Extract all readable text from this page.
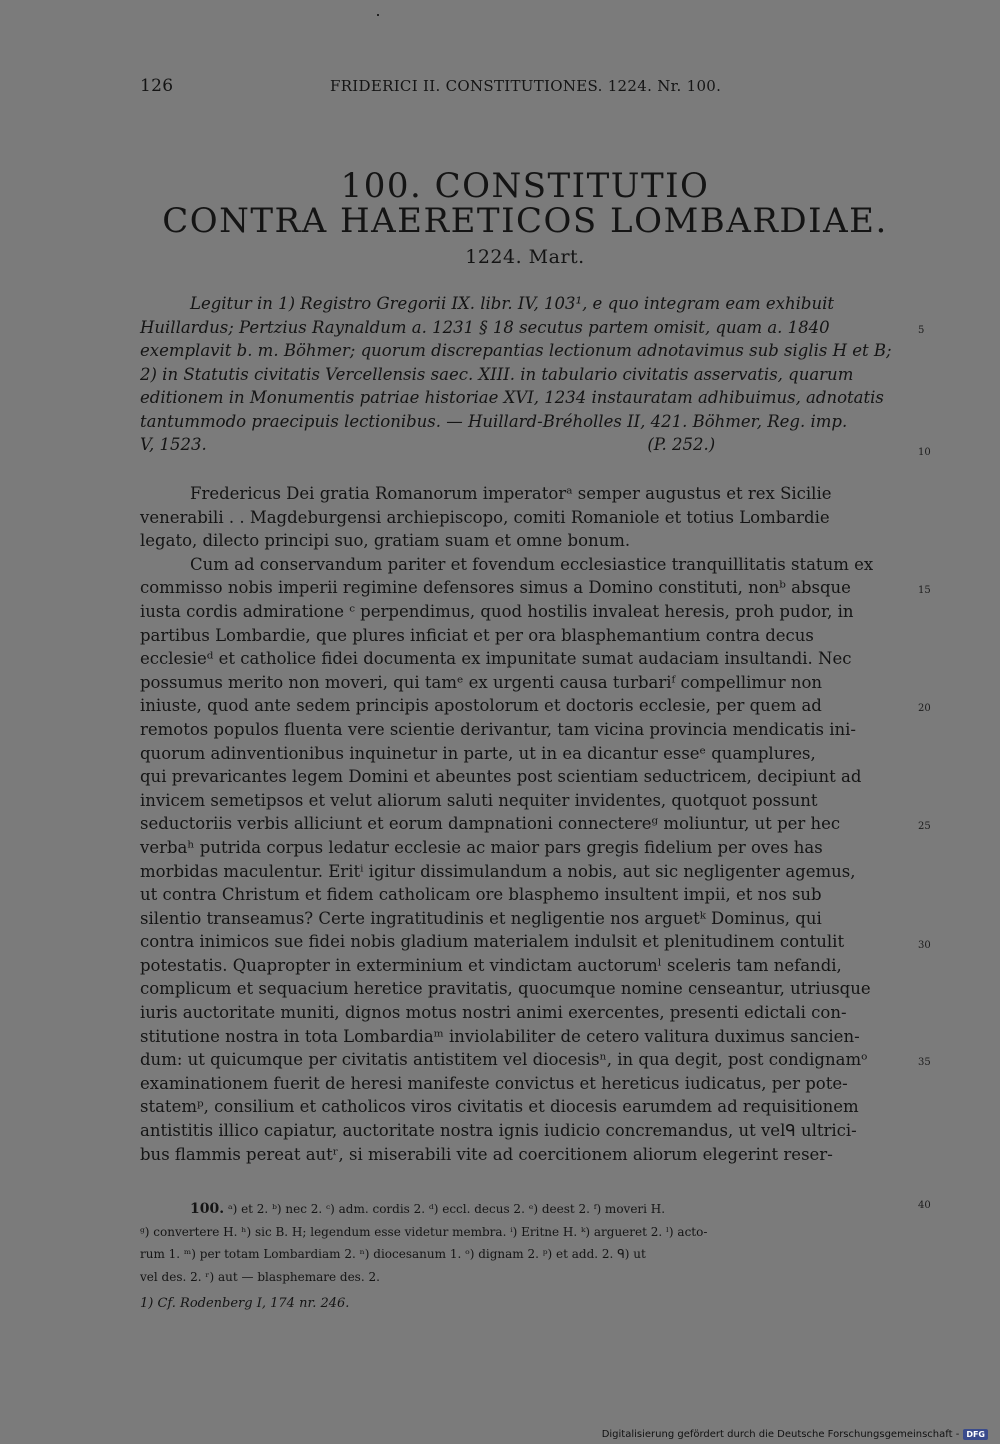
126	FRIDERICI II. CONSTITUTIONES. 1224. Nr. 100.
100. CONSTITUTIO
CONTRA HAERETICOS LOMBARDIAE.
1224. Mart.
Legitur in 1) Registro Gregorii IX. libr. IV, 103¹, e quo integram eam exhibuit
Huillardus; Pertzius Raynaldum a. 1231 § 18 secutus partem omisit, quam a. 1840
exemplavit b. m. Böhmer; quorum discrepantias lectionum adnotavimus sub siglis H et B;
2) in Statutis civitatis Vercellensis saec. XIII. in tabulario civitatis asservatis, quarum
editionem in Monumentis patriae historiae XVI, 1234 instauratam adhibuimus, adnotatis
tantummodo praecipuis lectionibus. — Huillard-Bréholles II, 421. Böhmer, Reg. imp.
V, 1523.                                                                                    (P. 252.)
Fredericus Dei gratia Romanorum imperatorᵃ semper augustus et rex Sicilie
venerabili . . Magdeburgensi archiepiscopo, comiti Romaniole et totius Lombardie
legato, dilecto principi suo, gratiam suam et omne bonum.
Cum ad conservandum pariter et fovendum ecclesiastice tranquillitatis statum ex
commisso nobis imperii regimine defensores simus a Domino constituti, nonᵇ absque
iusta cordis admiratione ᶜ perpendimus, quod hostilis invaleat heresis, proh pudor, in
partibus Lombardie, que plures inficiat et per ora blasphemantium contra decus
ecclesieᵈ et catholice fidei documenta ex impunitate sumat audaciam insultandi. Nec
possumus merito non moveri, qui tamᵉ ex urgenti causa turbariᶠ compellimur non
iniuste, quod ante sedem principis apostolorum et doctoris ecclesie, per quem ad
remotos populos fluenta vere scientie derivantur, tam vicina provincia mendicatis ini-
quorum adinventionibus inquinetur in parte, ut in ea dicantur esseᵉ quamplures,
qui prevaricantes legem Domini et abeuntes post scientiam seductricem, decipiunt ad
invicem semetipsos et velut aliorum saluti nequiter invidentes, quotquot possunt
seductoriis verbis alliciunt et eorum dampnationi connectereᵍ moliuntur, ut per hec
verbaʰ putrida corpus ledatur ecclesie ac maior pars gregis fidelium per oves has
morbidas maculentur. Eritⁱ igitur dissimulandum a nobis, aut sic negligenter agemus,
ut contra Christum et fidem catholicam ore blasphemo insultent impii, et nos sub
silentio transeamus? Certe ingratitudinis et negligentie nos arguetᵏ Dominus, qui
contra inimicos sue fidei nobis gladium materialem indulsit et plenitudinem contulit
potestatis. Quapropter in exterminium et vindictam auctorumˡ sceleris tam nefandi,
complicum et sequacium heretice pravitatis, quocumque nomine censeantur, utriusque
iuris auctoritate muniti, dignos motus nostri animi exercentes, presenti edictali con-
stitutione nostra in tota Lombardiaᵐ inviolabiliter de cetero valitura duximus sancien-
dum: ut quicumque per civitatis antistitem vel diocesisⁿ, in qua degit, post condignamᵒ
examinationem fuerit de heresi manifeste convictus et hereticus iudicatus, per pote-
statemᵖ, consilium et catholicos viros civitatis et diocesis earumdem ad requisitionem
antistitis illico capiatur, auctoritate nostra ignis iudicio concremandus, ut velᑫ ultrici-
bus flammis pereat autʳ, si miserabili vite ad coercitionem aliorum elegerint reser-
5
10
15
20
25
30
35
40
100. ᵃ) et 2. ᵇ) nec 2. ᶜ) adm. cordis 2. ᵈ) eccl. decus 2. ᵉ) deest 2. ᶠ) moveri H.
ᵍ) convertere H. ʰ) sic B. H; legendum esse videtur membra. ⁱ) Eritne H. ᵏ) argueret 2. ˡ) acto-
rum 1. ᵐ) per totam Lombardiam 2. ⁿ) diocesanum 1. ᵒ) dignam 2. ᵖ) et add. 2. ᑫ) ut
vel des. 2. ʳ) aut — blasphemare des. 2.
1) Cf. Rodenberg I, 174 nr. 246.
Digitalisierung gefördert durch die Deutsche Forschungsgemeinschaft - DFG
